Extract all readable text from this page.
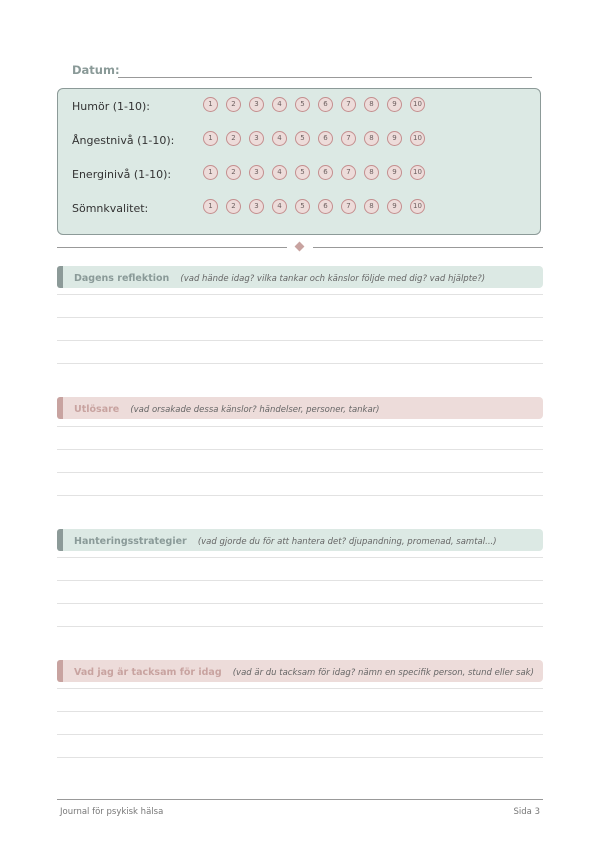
Datum:
Humör (1-10):	1	2	3	4	5	6	7	8	9	10
Ångestnivå (1-10):	1	2	3	4	5	6	7	8	9	10
Energinivå (1-10):	1	2	3	4	5	6	7	8	9	10
Sömnkvalitet:	1	2	3	4	5	6	7	8	9	10
Dagens reflektion (vad hände idag? vilka tankar och känslor följde med dig? vad hjälpte?)
Utlösare (vad orsakade dessa känslor? händelser, personer, tankar)
Hanteringsstrategier (vad gjorde du för att hantera det? djupandning, promenad, samtal...)
Vad jag är tacksam för idag (vad är du tacksam för idag? nämn en specifik person, stund eller sak)
Journal för psykisk hälsa	Sida 3
